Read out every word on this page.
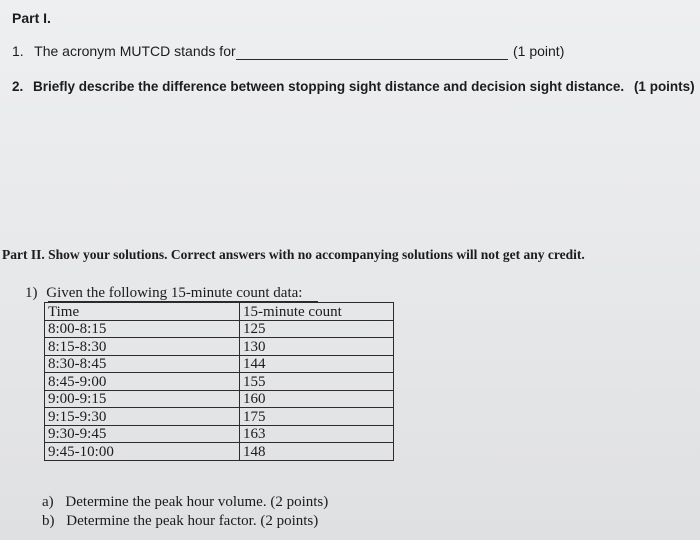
Part I.
1. The acronym MUTCD stands for	(1 point)
2. Briefly describe the difference between stopping sight distance and decision sight distance. (1 points)
Part II. Show your solutions. Correct answers with no accompanying solutions will not get any credit.
1) Given the following 15-minute count data:
Time	15-minute count
8:00-8:15	125
8:15-8:30	130
8:30-8:45	144
8:45-9:00	155
9:00-9:15	160
9:15-9:30	175
9:30-9:45	163
9:45-10:00	148
a) Determine the peak hour volume. (2 points)
b) Determine the peak hour factor. (2 points)
